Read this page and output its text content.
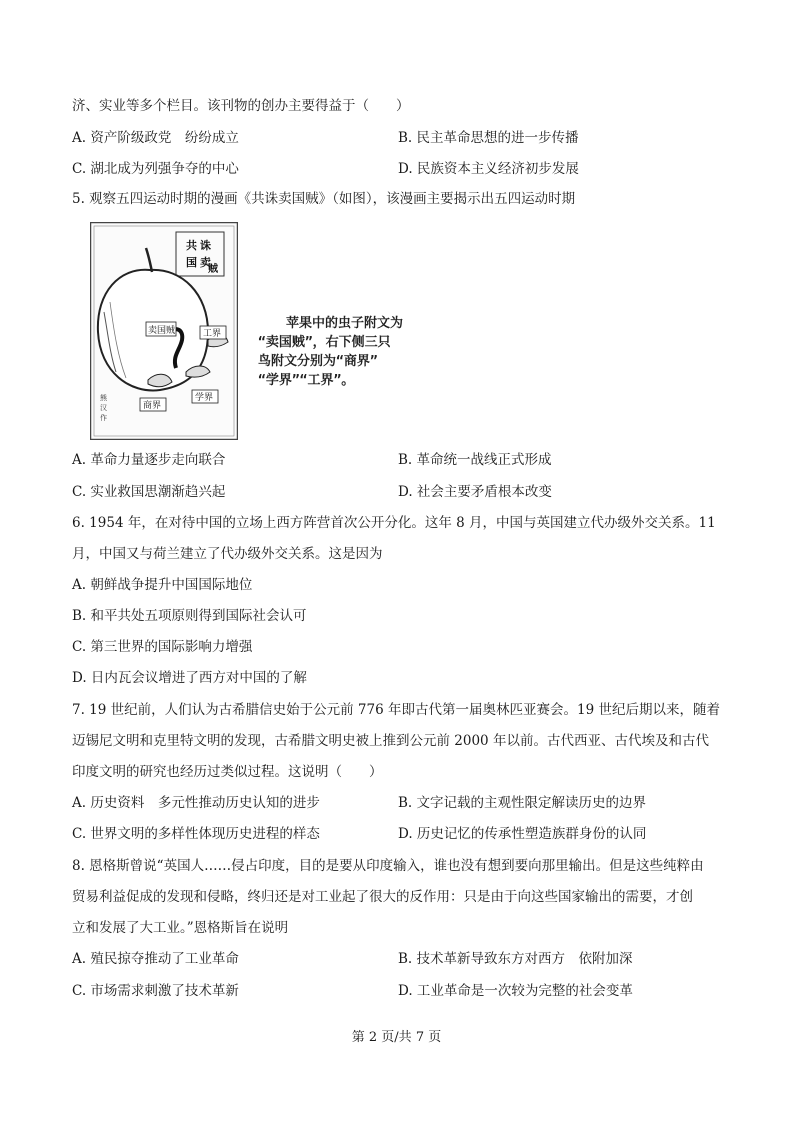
济、实业等多个栏目。该刊物的创办主要得益于（　　）
A. 资产阶级政党　纷纷成立	B. 民主革命思想的进一步传播
C. 湖北成为列强争夺的中心	D. 民族资本主义经济初步发展
5. 观察五四运动时期的漫画《共诛卖国贼》（如图），该漫画主要揭示出五四运动时期
共 诛
国 卖
贼
卖国贼	工界
商界
学界
熊
汉
作
苹果中的虫子附文为
“卖国贼”，右下侧三只
鸟附文分别为“商界”
“学界”“工界”。
A. 革命力量逐步走向联合	B. 革命统一战线正式形成
C. 实业救国思潮渐趋兴起	D. 社会主要矛盾根本改变
6. 1954 年，在对待中国的立场上西方阵营首次公开分化。这年 8 月，中国与英国建立代办级外交关系。11
月，中国又与荷兰建立了代办级外交关系。这是因为
A. 朝鲜战争提升中国国际地位
B. 和平共处五项原则得到国际社会认可
C. 第三世界的国际影响力增强
D. 日内瓦会议增进了西方对中国的了解
7. 19 世纪前，人们认为古希腊信史始于公元前 776 年即古代第一届奥林匹亚赛会。19 世纪后期以来，随着
迈锡尼文明和克里特文明的发现，古希腊文明史被上推到公元前 2000 年以前。古代西亚、古代埃及和古代
印度文明的研究也经历过类似过程。这说明（　　）
A. 历史资料　多元性推动历史认知的进步	B. 文字记载的主观性限定解读历史的边界
C. 世界文明的多样性体现历史进程的样态	D. 历史记忆的传承性塑造族群身份的认同
8. 恩格斯曾说“英国人……侵占印度，目的是要从印度输入，谁也没有想到要向那里输出。但是这些纯粹由
贸易利益促成的发现和侵略，终归还是对工业起了很大的反作用：只是由于向这些国家输出的需要，才创
立和发展了大工业。”恩格斯旨在说明
A. 殖民掠夺推动了工业革命	B. 技术革新导致东方对西方　依附加深
C. 市场需求刺激了技术革新	D. 工业革命是一次较为完整的社会变革
第 2 页/共 7 页
